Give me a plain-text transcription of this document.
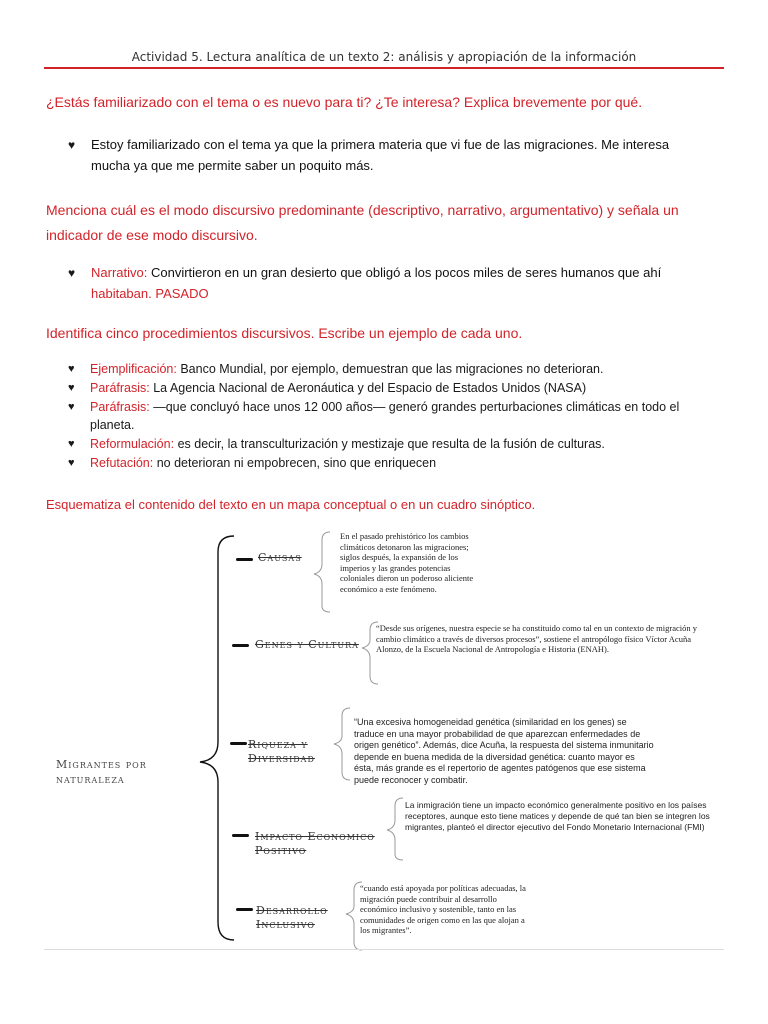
Actividad 5. Lectura analítica de un texto 2: análisis y apropiación de la información
¿Estás familiarizado con el tema o es nuevo para ti? ¿Te interesa? Explica brevemente por qué.
♥ Estoy familiarizado con el tema ya que la primera materia que vi fue de las migraciones. Me interesa
mucha ya que me permite saber un poquito más.
Menciona cuál es el modo discursivo predominante (descriptivo, narrativo, argumentativo) y señala un
indicador de ese modo discursivo.
♥ Narrativo: Convirtieron en un gran desierto que obligó a los pocos miles de seres humanos que ahí
habitaban. PASADO
Identifica cinco procedimientos discursivos. Escribe un ejemplo de cada uno.
♥ Ejemplificación: Banco Mundial, por ejemplo, demuestran que las migraciones no deterioran.
♥ Paráfrasis: La Agencia Nacional de Aeronáutica y del Espacio de Estados Unidos (NASA)
♥ Paráfrasis: —que concluyó hace unos 12 000 años— generó grandes perturbaciones climáticas en todo el planeta.
♥ Reformulación: es decir, la transculturización y mestizaje que resulta de la fusión de culturas.
♥ Refutación: no deterioran ni empobrecen, sino que enriquecen
Esquematiza el contenido del texto en un mapa conceptual o en un cuadro sinóptico.
Migrantes por
naturaleza
Causas
En el pasado prehistórico los cambios climáticos detonaron las migraciones; siglos después, la expansión de los imperios y las grandes potencias coloniales dieron un poderoso aliciente económico a este fenómeno.
Genes y Cultura
“Desde sus orígenes, nuestra especie se ha constituido como tal en un contexto de migración y cambio climático a través de diversos procesos”, sostiene el antropólogo físico Víctor Acuña Alonzo, de la Escuela Nacional de Antropología e Historia (ENAH).
Riqueza y
Diversidad
“Una excesiva homogeneidad genética (similaridad en los genes) se traduce en una mayor probabilidad de que aparezcan enfermedades de origen genético”. Además, dice Acuña, la respuesta del sistema inmunitario depende en buena medida de la diversidad genética: cuanto mayor es ésta, más grande es el repertorio de agentes patógenos que ese sistema puede reconocer y combatir.
Impacto Economico
Positivo
La inmigración tiene un impacto económico generalmente positivo en los países receptores, aunque esto tiene matices y depende de qué tan bien se integren los migrantes, planteó el director ejecutivo del Fondo Monetario Internacional (FMI)
Desarrollo
Inclusivo
“cuando está apoyada por políticas adecuadas, la migración puede contribuir al desarrollo económico inclusivo y sostenible, tanto en las comunidades de origen como en las que alojan a los migrantes”.
